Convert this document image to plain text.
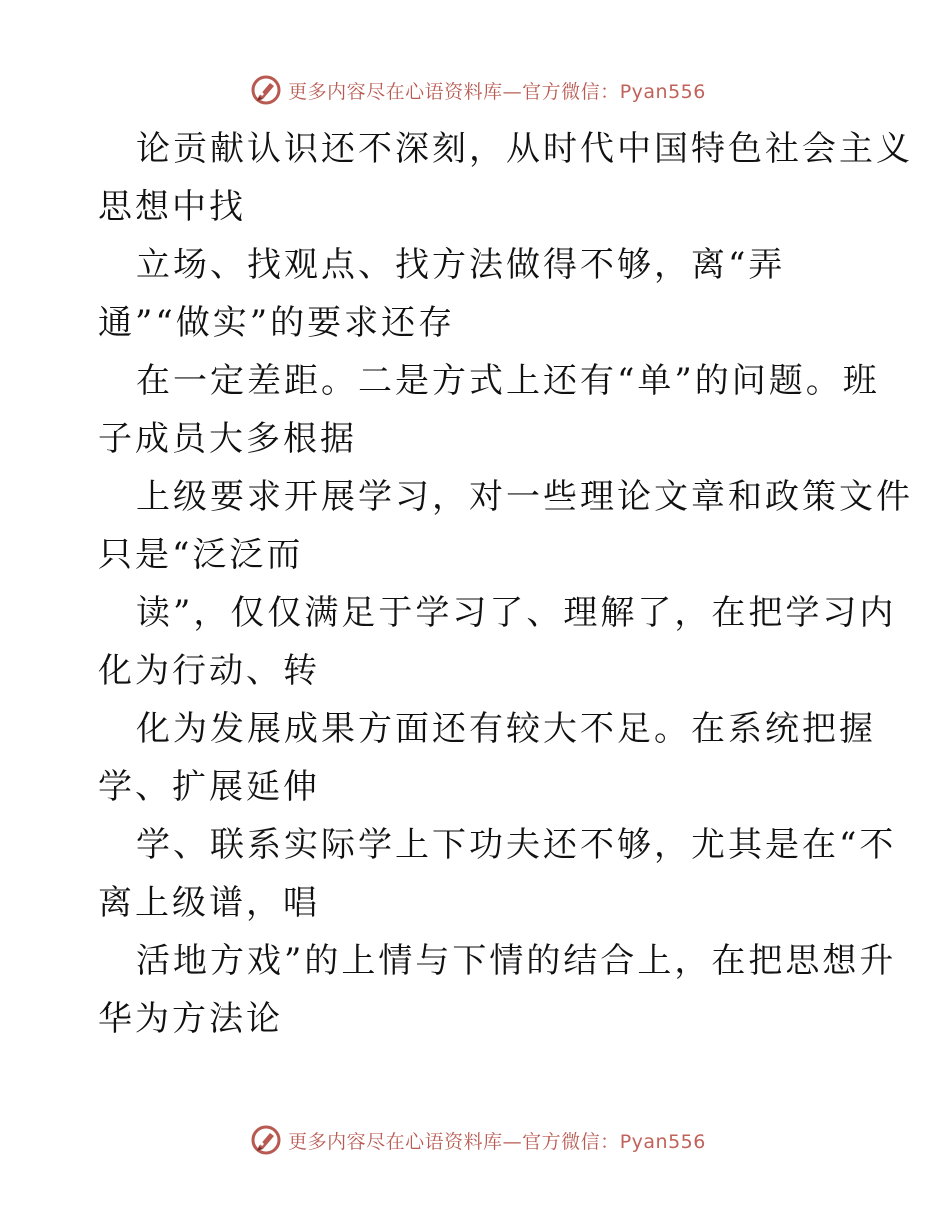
更多内容尽在心语资料库—官方微信：Pyan556
论贡献认识还不深刻，从时代中国特色社会主义
思想中找
立场、找观点、找方法做得不够，离“弄
通”“做实”的要求还存
在一定差距。二是方式上还有“单”的问题。班
子成员大多根据
上级要求开展学习，对一些理论文章和政策文件
只是“泛泛而
读”，仅仅满足于学习了、理解了，在把学习内
化为行动、转
化为发展成果方面还有较大不足。在系统把握
学、扩展延伸
学、联系实际学上下功夫还不够，尤其是在“不
离上级谱，唱
活地方戏”的上情与下情的结合上，在把思想升
华为方法论
更多内容尽在心语资料库—官方微信：Pyan556
